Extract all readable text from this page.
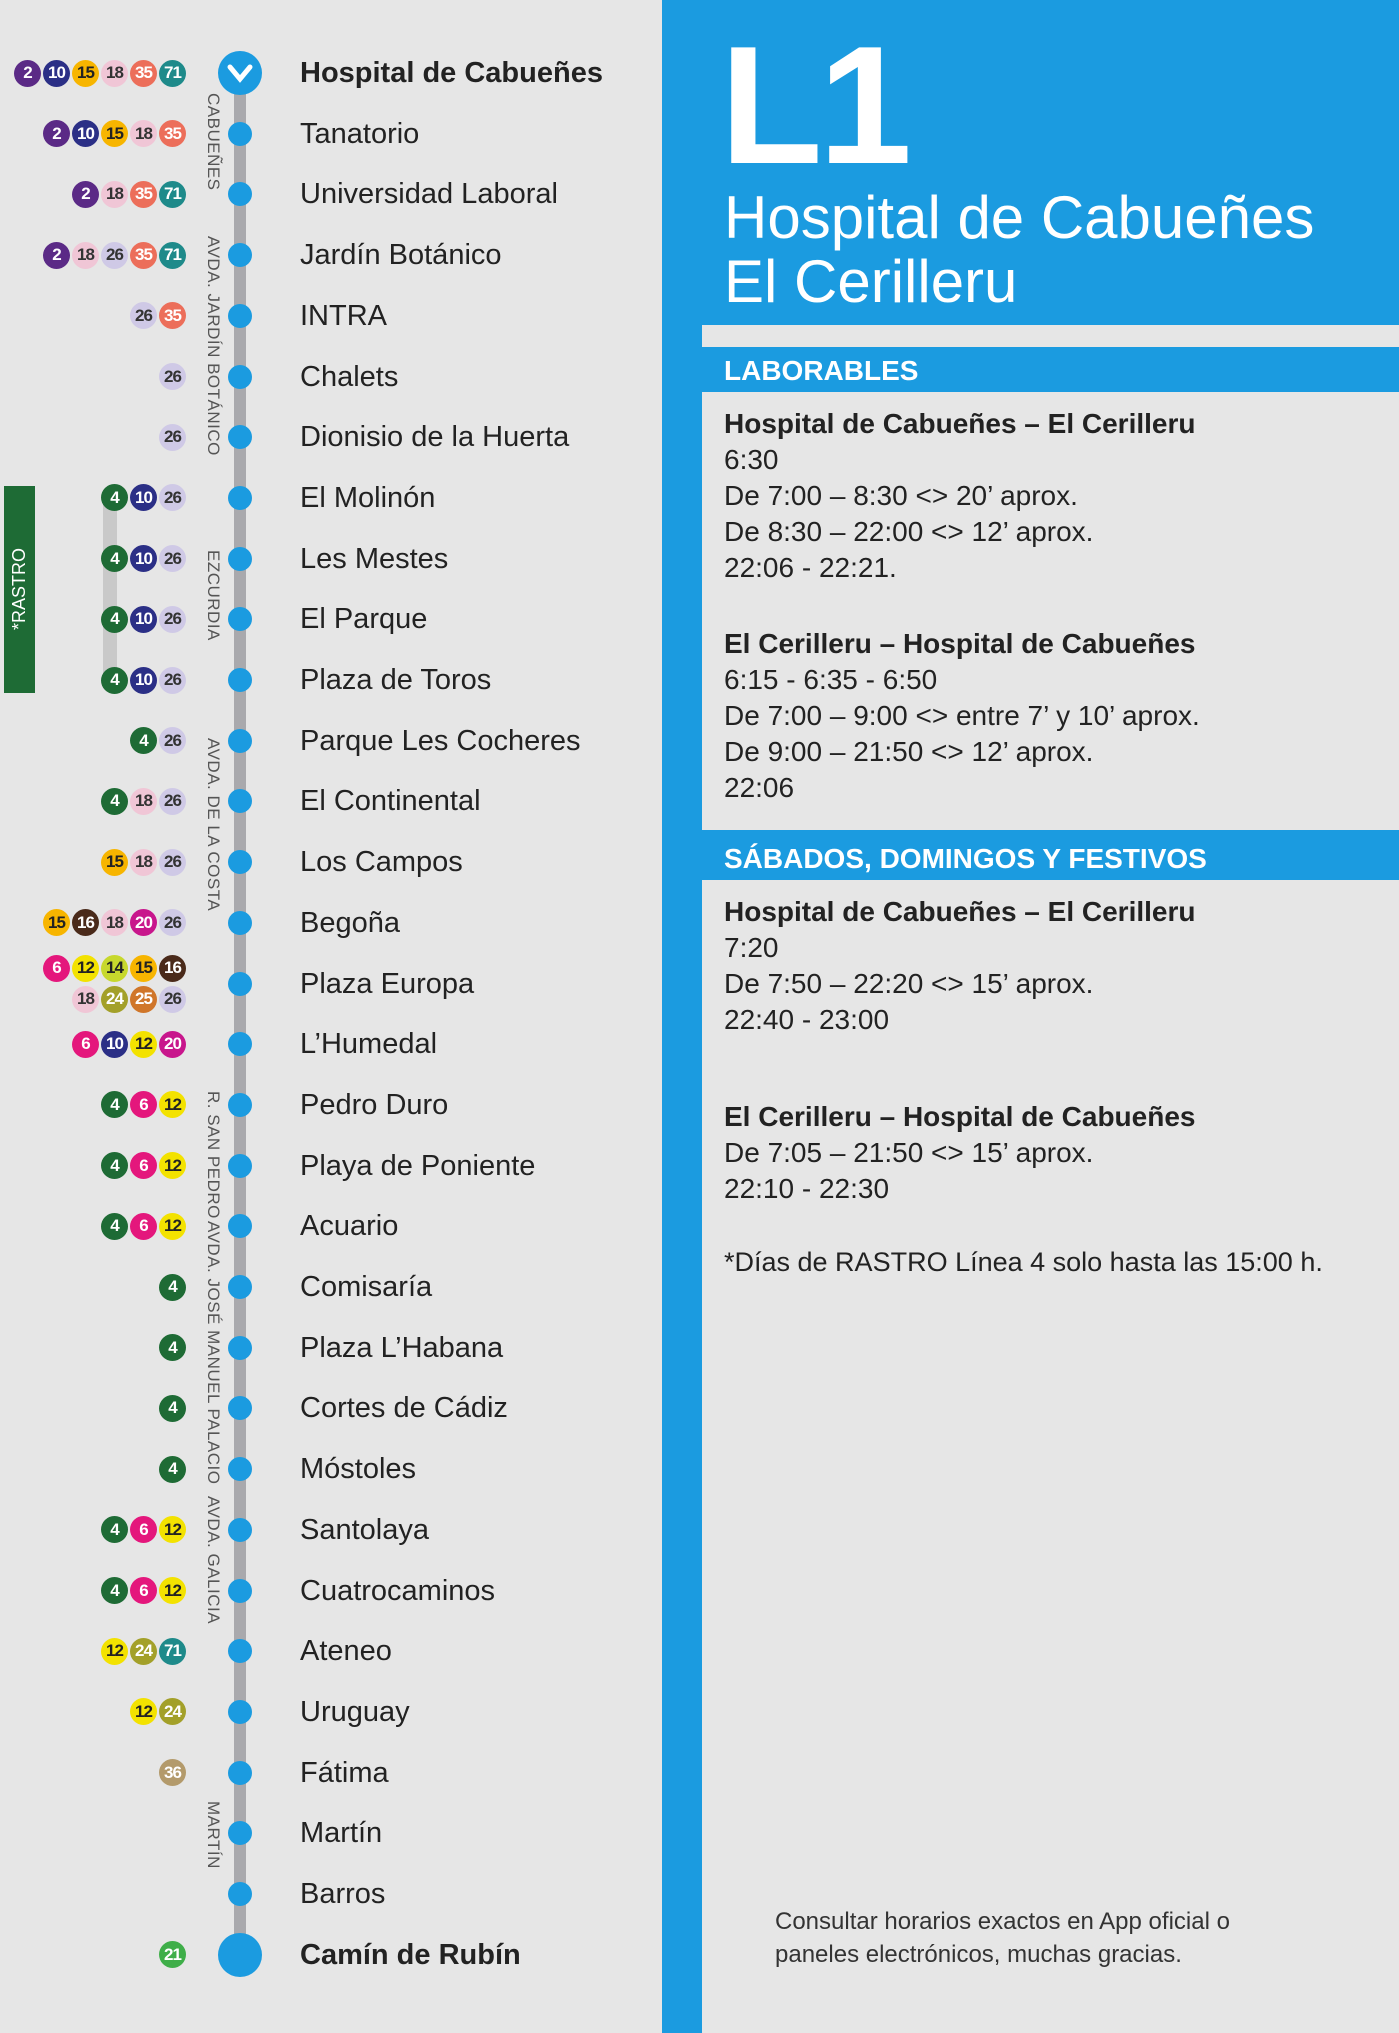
*RASTRO
Hospital de Cabueñes
2 10 15 18 35 71
Tanatorio
2 10 15 18 35
Universidad Laboral
2 18 35 71
Jardín Botánico
2 18 26 35 71
INTRA
26 35
Chalets
26
Dionisio de la Huerta
26
El Molinón
4 10 26
Les Mestes
4 10 26
El Parque
4 10 26
Plaza de Toros
4 10 26
Parque Les Cocheres
4 26
El Continental
4 18 26
Los Campos
15 18 26
Begoña
15 16 18 20 26
Plaza Europa
6 12 14 15 16
18 24 25 26
L’Humedal
6 10 12 20
Pedro Duro
4	6 12
Playa de Poniente
4	6 12
Acuario
4	6 12
Comisaría
4
Plaza L’Habana
4
Cortes de Cádiz
4
Móstoles
4
Santolaya
4	6 12
Cuatrocaminos
4	6 12
Ateneo
12 24 71
Uruguay
12 24
Fátima
36
Martín
Barros
Camín de Rubín
21
CABUEÑES
AVDA. JARDÍN BOTÁNICO
EZCURDIA
AVDA. DE LA COSTA
R. SAN PEDRO
AVDA. JOSÉ MANUEL PALACIO
AVDA. GALICIA
MARTÍN
L1
Hospital de Cabueñes
El Cerilleru
LABORABLES
SÁBADOS, DOMINGOS Y FESTIVOS
Hospital de Cabueñes – El Cerilleru
6:30
De 7:00 – 8:30 <> 20’ aprox.
De 8:30 – 22:00 <> 12’ aprox.
22:06 - 22:21.
El Cerilleru – Hospital de Cabueñes
6:15 - 6:35 - 6:50
De 7:00 – 9:00 <> entre 7’ y 10’ aprox.
De 9:00 – 21:50 <> 12’ aprox.
22:06
Hospital de Cabueñes – El Cerilleru
7:20
De 7:50 – 22:20 <> 15’ aprox.
22:40 - 23:00
El Cerilleru – Hospital de Cabueñes
De 7:05 – 21:50 <> 15’ aprox.
22:10 - 22:30
*Días de RASTRO Línea 4 solo hasta las 15:00 h.
Consultar horarios exactos en App oficial o paneles electrónicos, muchas gracias.
